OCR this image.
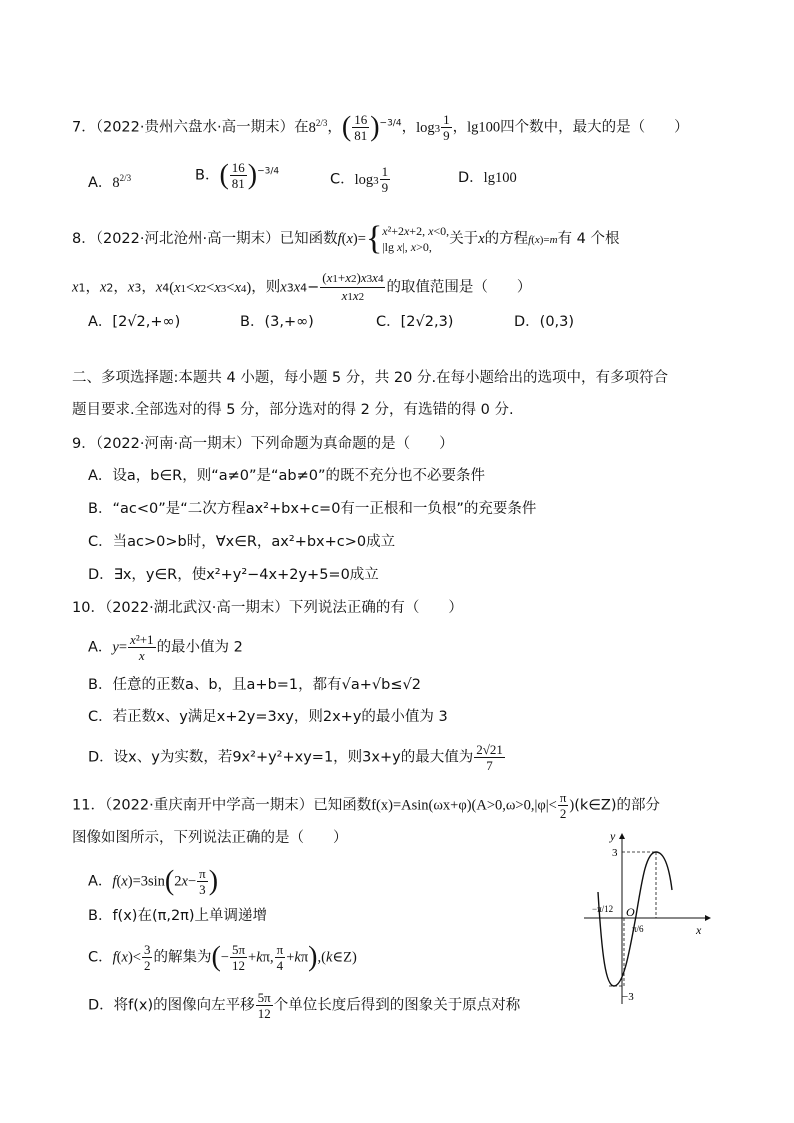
7．（2022·贵州六盘水·高一期末）在$8^{2/3}$，( $\frac{16}{81} )^{-3/4}$，$\log 3 \frac{1}{9}$ ，lg100四个数中，最大的是（　　）
A．$8^{2/3}$	B．( $\frac{16}{81} )^{-3/4}$	C．$\log 3 \frac{1}{9}$	D．lg100
8．（2022·河北沧州·高一期末）已知函数f(x)= { x²+2x+2, x<0,
|lg x|, x>0,	关于x的方程f(x)=m有 4 个根
x1，x2，x3，x4(x1<x2<x3<x4)，则$x3x4- \frac{(x1+x2)x3x4}{x1x2}$ 的取值范围是（　　）
A．[2√2,+∞)	B．(3,+∞)	C．[2√2,3)	D．(0,3)
二、多项选择题:本题共 4 小题，每小题 5 分，共 20 分.在每小题给出的选项中，有多项符合
题目要求.全部选对的得 5 分，部分选对的得 2 分，有选错的得 0 分.
9．（2022·河南·高一期末）下列命题为真命题的是（　　）
A．设a，b∈R，则“a≠0”是“ab≠0”的既不充分也不必要条件
B．“ac<0”是“二次方程ax²+bx+c=0有一正根和一负根”的充要条件
C．当ac>0>b时，∀x∈R，ax²+bx+c>0成立
D．∃x，y∈R，使x²+y²−4x+2y+5=0成立
10．（2022·湖北武汉·高一期末）下列说法正确的有（　　）
A．$y= \frac{\text{x²+1}}{x}$ 的最小值为 2
B．任意的正数a、b，且a+b=1，都有√a+√b≤√2
C．若正数x、y满足x+2y=3xy，则2x+y的最小值为 3
D．设x、y为实数，若9x²+y²+xy=1，则3x+y的最大值为 $\frac{2√21}{7}$
11．（2022·重庆南开中学高一期末）已知函数$f(x)=Asin(\omega x+\varphi)(A>0,\omega>0,|\varphi|< \frac{\pi}{2}$ )(k∈Z)的部分
图像如图所示，下列说法正确的是（　　）
A．$f(x)=3\sin(2x- \frac{\pi}{3}$ )
B．f(x)在(π,2π)上单调递增
C．$f(x)< \frac{3}{2}$ 的解集为(− $\frac{5\pi}{12} +k\pi$, $\frac{\pi}{4}$ +kπ),(k∈Z)
D．将f(x)的图像向左平移 $\frac{5\pi}{12}$ 个单位长度后得到的图象关于原点对称
y
x
O
3
−3
−π/12
π/6
